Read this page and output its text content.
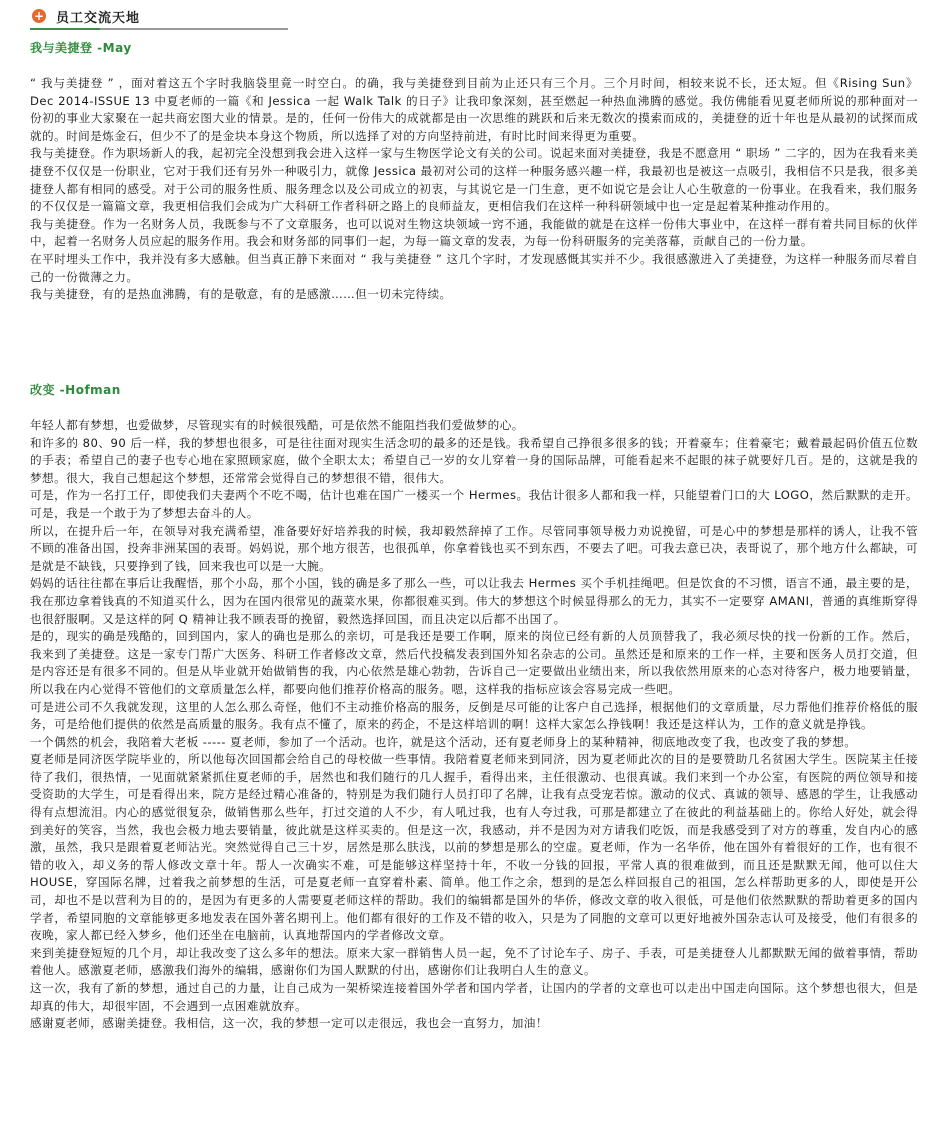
+ 员工交流天地
我与美捷登 -May

“ 我与美捷登 ” ，面对着这五个字时我脑袋里竟一时空白。的确，我与美捷登到目前为止还只有三个月。三个月时间，相较来说不长，还太短。但《Rising Sun》 Dec 2014-ISSUE 13 中夏老师的一篇《和 Jessica 一起 Walk Talk 的日子》让我印象深刻，甚至燃起一种热血沸腾的感觉。我仿佛能看见夏老师所说的那种面对一份初的事业大家聚在一起共商宏图大业的情景。是的，任何一份伟大的成就都是由一次思维的跳跃和后来无数次的摸索而成的，美捷登的近十年也是从最初的试探而成就的。时间是炼金石，但少不了的是金块本身这个物质，所以选择了对的方向坚持前进，有时比时间来得更为重要。

我与美捷登。作为职场新人的我，起初完全没想到我会进入这样一家与生物医学论文有关的公司。说起来面对美捷登，我是不愿意用 “ 职场 ” 二字的，因为在我看来美捷登不仅仅是一份职业，它对于我们还有另外一种吸引力，就像 Jessica 最初对公司的这样一种服务感兴趣一样，我最初也是被这一点吸引，我相信不只是我，很多美捷登人都有相同的感受。对于公司的服务性质、服务理念以及公司成立的初衷，与其说它是一门生意，更不如说它是会让人心生敬意的一份事业。在我看来，我们服务的不仅仅是一篇篇文章，我更相信我们会成为广大科研工作者科研之路上的良师益友，更相信我们在这样一种科研领域中也一定是起着某种推动作用的。

我与美捷登。作为一名财务人员，我既参与不了文章服务，也可以说对生物这块领域一窍不通，我能做的就是在这样一份伟大事业中，在这样一群有着共同目标的伙伴中，起着一名财务人员应起的服务作用。我会和财务部的同事们一起，为每一篇文章的发表，为每一份科研服务的完美落幕，贡献自己的一份力量。

在平时埋头工作中，我并没有多大感触。但当真正静下来面对 “ 我与美捷登 ” 这几个字时，才发现感慨其实并不少。我很感激进入了美捷登，为这样一种服务而尽着自己的一份微薄之力。

我与美捷登，有的是热血沸腾，有的是敬意，有的是感激……但一切未完待续。

改变 -Hofman

年轻人都有梦想，也爱做梦，尽管现实有的时候很残酷，可是依然不能阻挡我们爱做梦的心。

和许多的 80、90 后一样，我的梦想也很多，可是往往面对现实生活念叨的最多的还是钱。我希望自己挣很多很多的钱；开着豪车；住着豪宅；戴着最起码价值五位数的手表；希望自己的妻子也专心地在家照顾家庭，做个全职太太；希望自己一岁的女儿穿着一身的国际品牌，可能看起来不起眼的袜子就要好几百。是的，这就是我的梦想。很大，我自己想起这个梦想，还常常会觉得自己的梦想很不错，很伟大。

可是，作为一名打工仔，即使我们夫妻两个不吃不喝，估计也难在国广一楼买一个 Hermes。我估计很多人都和我一样，只能望着门口的大 LOGO，然后默默的走开。可是，我是一个敢于为了梦想去奋斗的人。

所以，在提升后一年，在领导对我充满希望，准备要好好培养我的时候，我却毅然辞掉了工作。尽管同事领导极力劝说挽留，可是心中的梦想是那样的诱人，让我不管不顾的准备出国，投奔非洲某国的表哥。妈妈说，那个地方很苦，也很孤单，你拿着钱也买不到东西，不要去了吧。可我去意已决，表哥说了，那个地方什么都缺，可是就是不缺钱，只要挣到了钱，回来我也可以是一大腕。

妈妈的话往往都在事后让我醒悟，那个小岛，那个小国，钱的确是多了那么一些，可以让我去 Hermes 买个手机挂绳吧。但是饮食的不习惯，语言不通，最主要的是，我在那边拿着钱真的不知道买什么，因为在国内很常见的蔬菜水果，你都很难买到。伟大的梦想这个时候显得那么的无力，其实不一定要穿 AMANI，普通的真维斯穿得也很舒服啊。又是这样的阿 Q 精神让我不顾表哥的挽留，毅然选择回国，而且决定以后都不出国了。

是的，现实的确是残酷的，回到国内，家人的确也是那么的亲切，可是我还是要工作啊，原来的岗位已经有新的人员顶替我了，我必须尽快的找一份新的工作。然后，我来到了美捷登。这是一家专门帮广大医务、科研工作者修改文章，然后代投稿发表到国外知名杂志的公司。虽然还是和原来的工作一样，主要和医务人员打交道，但是内容还是有很多不同的。但是从毕业就开始做销售的我，内心依然是雄心勃勃，告诉自己一定要做出业绩出来，所以我依然用原来的心态对待客户，极力地要销量，所以我在内心觉得不管他们的文章质量怎么样，都要向他们推荐价格高的服务。嗯，这样我的指标应该会容易完成一些吧。

可是进公司不久我就发现，这里的人怎么那么奇怪，他们不主动推价格高的服务，反倒是尽可能的让客户自己选择，根据他们的文章质量，尽力帮他们推荐价格低的服务，可是给他们提供的依然是高质量的服务。我有点不懂了，原来的药企，不是这样培训的啊！这样大家怎么挣钱啊！我还是这样认为，工作的意义就是挣钱。

一个偶然的机会，我陪着大老板 ----- 夏老师，参加了一个活动。也许，就是这个活动，还有夏老师身上的某种精神，彻底地改变了我，也改变了我的梦想。

夏老师是同济医学院毕业的，所以他每次回国都会给自己的母校做一些事情。我陪着夏老师来到同济，因为夏老师此次的目的是要赞助几名贫困大学生。医院某主任接待了我们，很热情，一见面就紧紧抓住夏老师的手，居然也和我们随行的几人握手，看得出来，主任很激动、也很真诚。我们来到一个办公室，有医院的两位领导和接受资助的大学生，可是看得出来，院方是经过精心准备的，特别是为我们随行人员打印了名牌，让我有点受宠若惊。激动的仪式、真诚的领导、感恩的学生，让我感动得有点想流泪。内心的感觉很复杂，做销售那么些年，打过交道的人不少，有人吼过我，也有人夸过我，可那是都建立了在彼此的利益基础上的。你给人好处，就会得到美好的笑容，当然，我也会极力地去要销量，彼此就是这样买卖的。但是这一次，我感动，并不是因为对方请我们吃饭，而是我感受到了对方的尊重，发自内心的感激，虽然，我只是跟着夏老师沾光。突然觉得自己三十岁，居然是那么肤浅，以前的梦想是那么的空虚。夏老师，作为一名华侨，他在国外有着很好的工作，也有很不错的收入，却义务的帮人修改文章十年。帮人一次确实不难，可是能够这样坚持十年，不收一分钱的回报，平常人真的很难做到，而且还是默默无闻，他可以住大 HOUSE，穿国际名牌，过着我之前梦想的生活，可是夏老师一直穿着朴素、简单。他工作之余，想到的是怎么样回报自己的祖国，怎么样帮助更多的人，即使是开公司，却也不是以营利为目的的，是因为有更多的人需要夏老师这样的帮助。我们的编辑都是国外的华侨，修改文章的收入很低，可是他们依然默默的帮助着更多的国内学者，希望同胞的文章能够更多地发表在国外著名期刊上。他们都有很好的工作及不错的收入，只是为了同胞的文章可以更好地被外国杂志认可及接受，他们有很多的夜晚，家人都已经入梦乡，他们还坐在电脑前，认真地帮国内的学者修改文章。

来到美捷登短短的几个月，却让我改变了这么多年的想法。原来大家一群销售人员一起，免不了讨论车子、房子、手表，可是美捷登人儿都默默无闻的做着事情，帮助着他人。感激夏老师，感激我们海外的编辑，感谢你们为国人默默的付出，感谢你们让我明白人生的意义。

这一次，我有了新的梦想，通过自己的力量，让自己成为一架桥梁连接着国外学者和国内学者，让国内的学者的文章也可以走出中国走向国际。这个梦想也很大，但是却真的伟大，却很牢固，不会遇到一点困难就放弃。

感谢夏老师，感谢美捷登。我相信，这一次，我的梦想一定可以走很远，我也会一直努力，加油！
